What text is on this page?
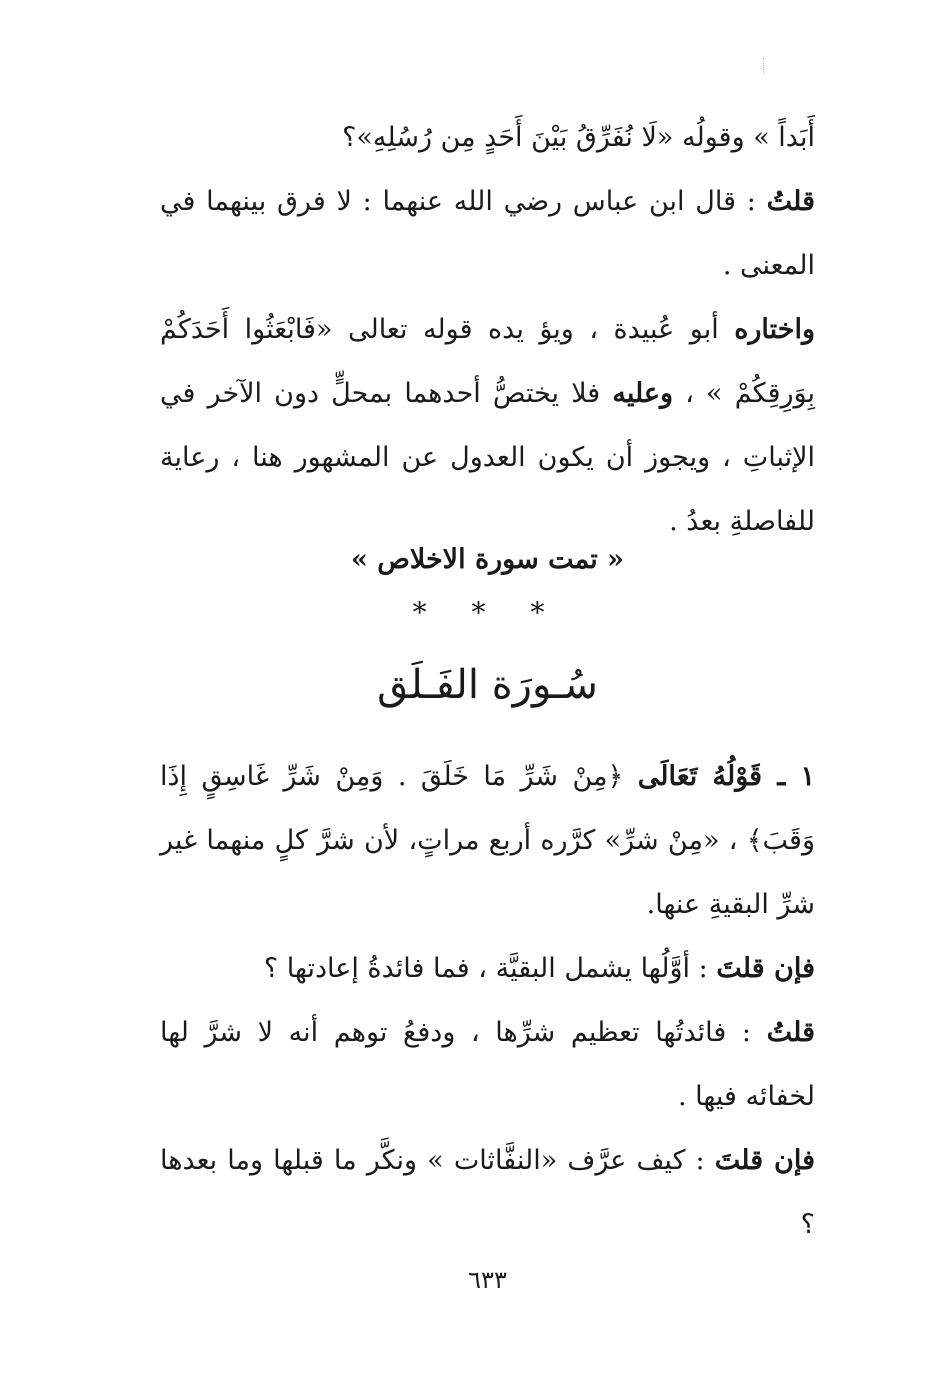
أَبَداً » وقولُه «لَا نُفَرِّقُ بَيْنَ أَحَدٍ مِن رُسُلِهِ»؟

قلتُ : قال ابن عباس رضي الله عنهما : لا فرق بينهما في المعنى .

واختاره أبو عُبيدة ، ويؤ يده قوله تعالى «فَابْعَثُوا أَحَدَكُمْ بِوَرِقِكُمْ » ، وعليه فلا يختصُّ أحدهما بمحلٍّ دون الآخر في الإثباتِ ، ويجوز أن يكون العدول عن المشهور هنا ، رعاية للفاصلةِ بعدُ .

« تمت سورة الاخلاص »
* * *
سُـورَة الفَـلَق

١ ـ قَوْلُهُ تَعَالَى ﴿مِنْ شَرِّ مَا خَلَقَ . وَمِنْ شَرِّ غَاسِقٍ إِذَا وَقَبَ﴾ ، «مِنْ شرِّ» كرَّره أربع مراتٍ، لأن شرَّ كلٍ منهما غير شرِّ البقيةِ عنها.

فإن قلتَ : أوَّلُها يشمل البقيَّة ، فما فائدةُ إعادتها ؟

قلتُ : فائدتُها تعظيم شرِّها ، ودفعُ توهم أنه لا شرَّ لها لخفائه فيها .

فإن قلتَ : كيف عرَّف «النفَّاثات » ونكَّر ما قبلها وما بعدها ؟

٦٣٣
